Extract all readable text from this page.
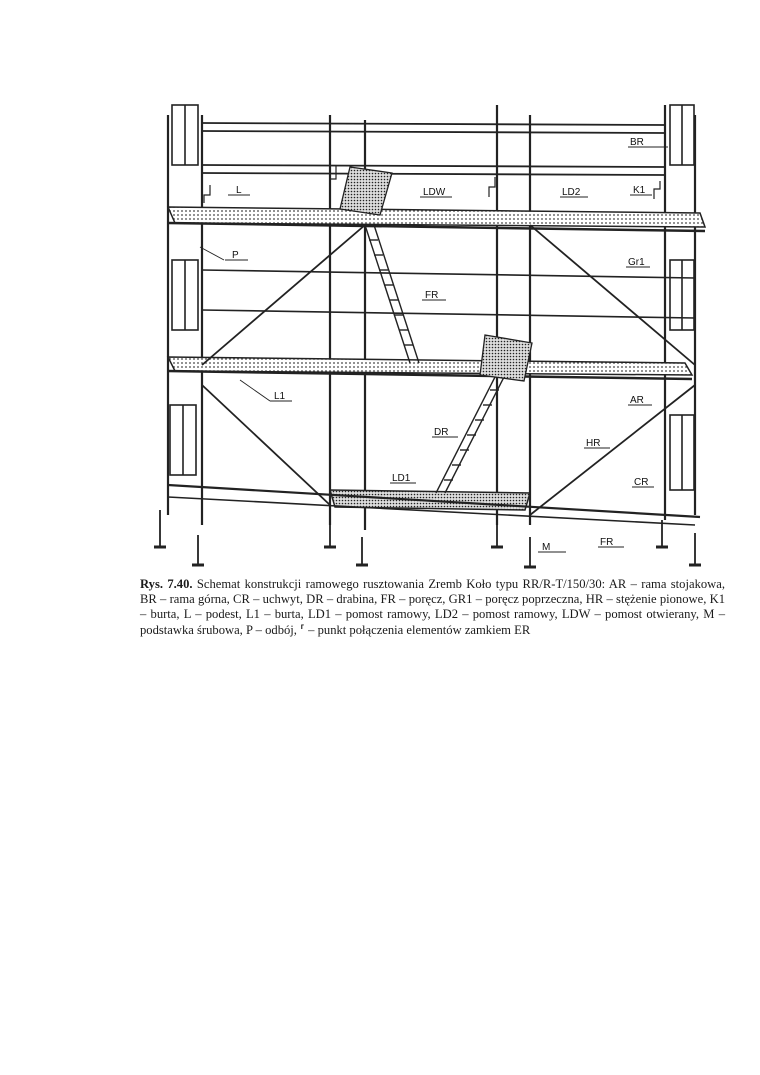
BR
L	LDW	LD2	K1
P
Gr1
FR
L1	AR
DR
HR
LD1	CR
M	FR

Rys. 7.40. Schemat konstrukcji ramowego rusztowania Zremb Koło typu RR/R-T/150/30: AR – rama stojakowa, BR – rama górna, CR – uchwyt, DR – drabina, FR – poręcz, GR1 – poręcz poprzeczna, HR – stężenie pionowe, K1 – burta, L – podest, L1 – burta, LD1 – pomost ramowy, LD2 – pomost ramowy, LDW – pomost otwierany, M – podstawka śrubowa, P – odbój, ⸢ – punkt połączenia elementów zamkiem ER
